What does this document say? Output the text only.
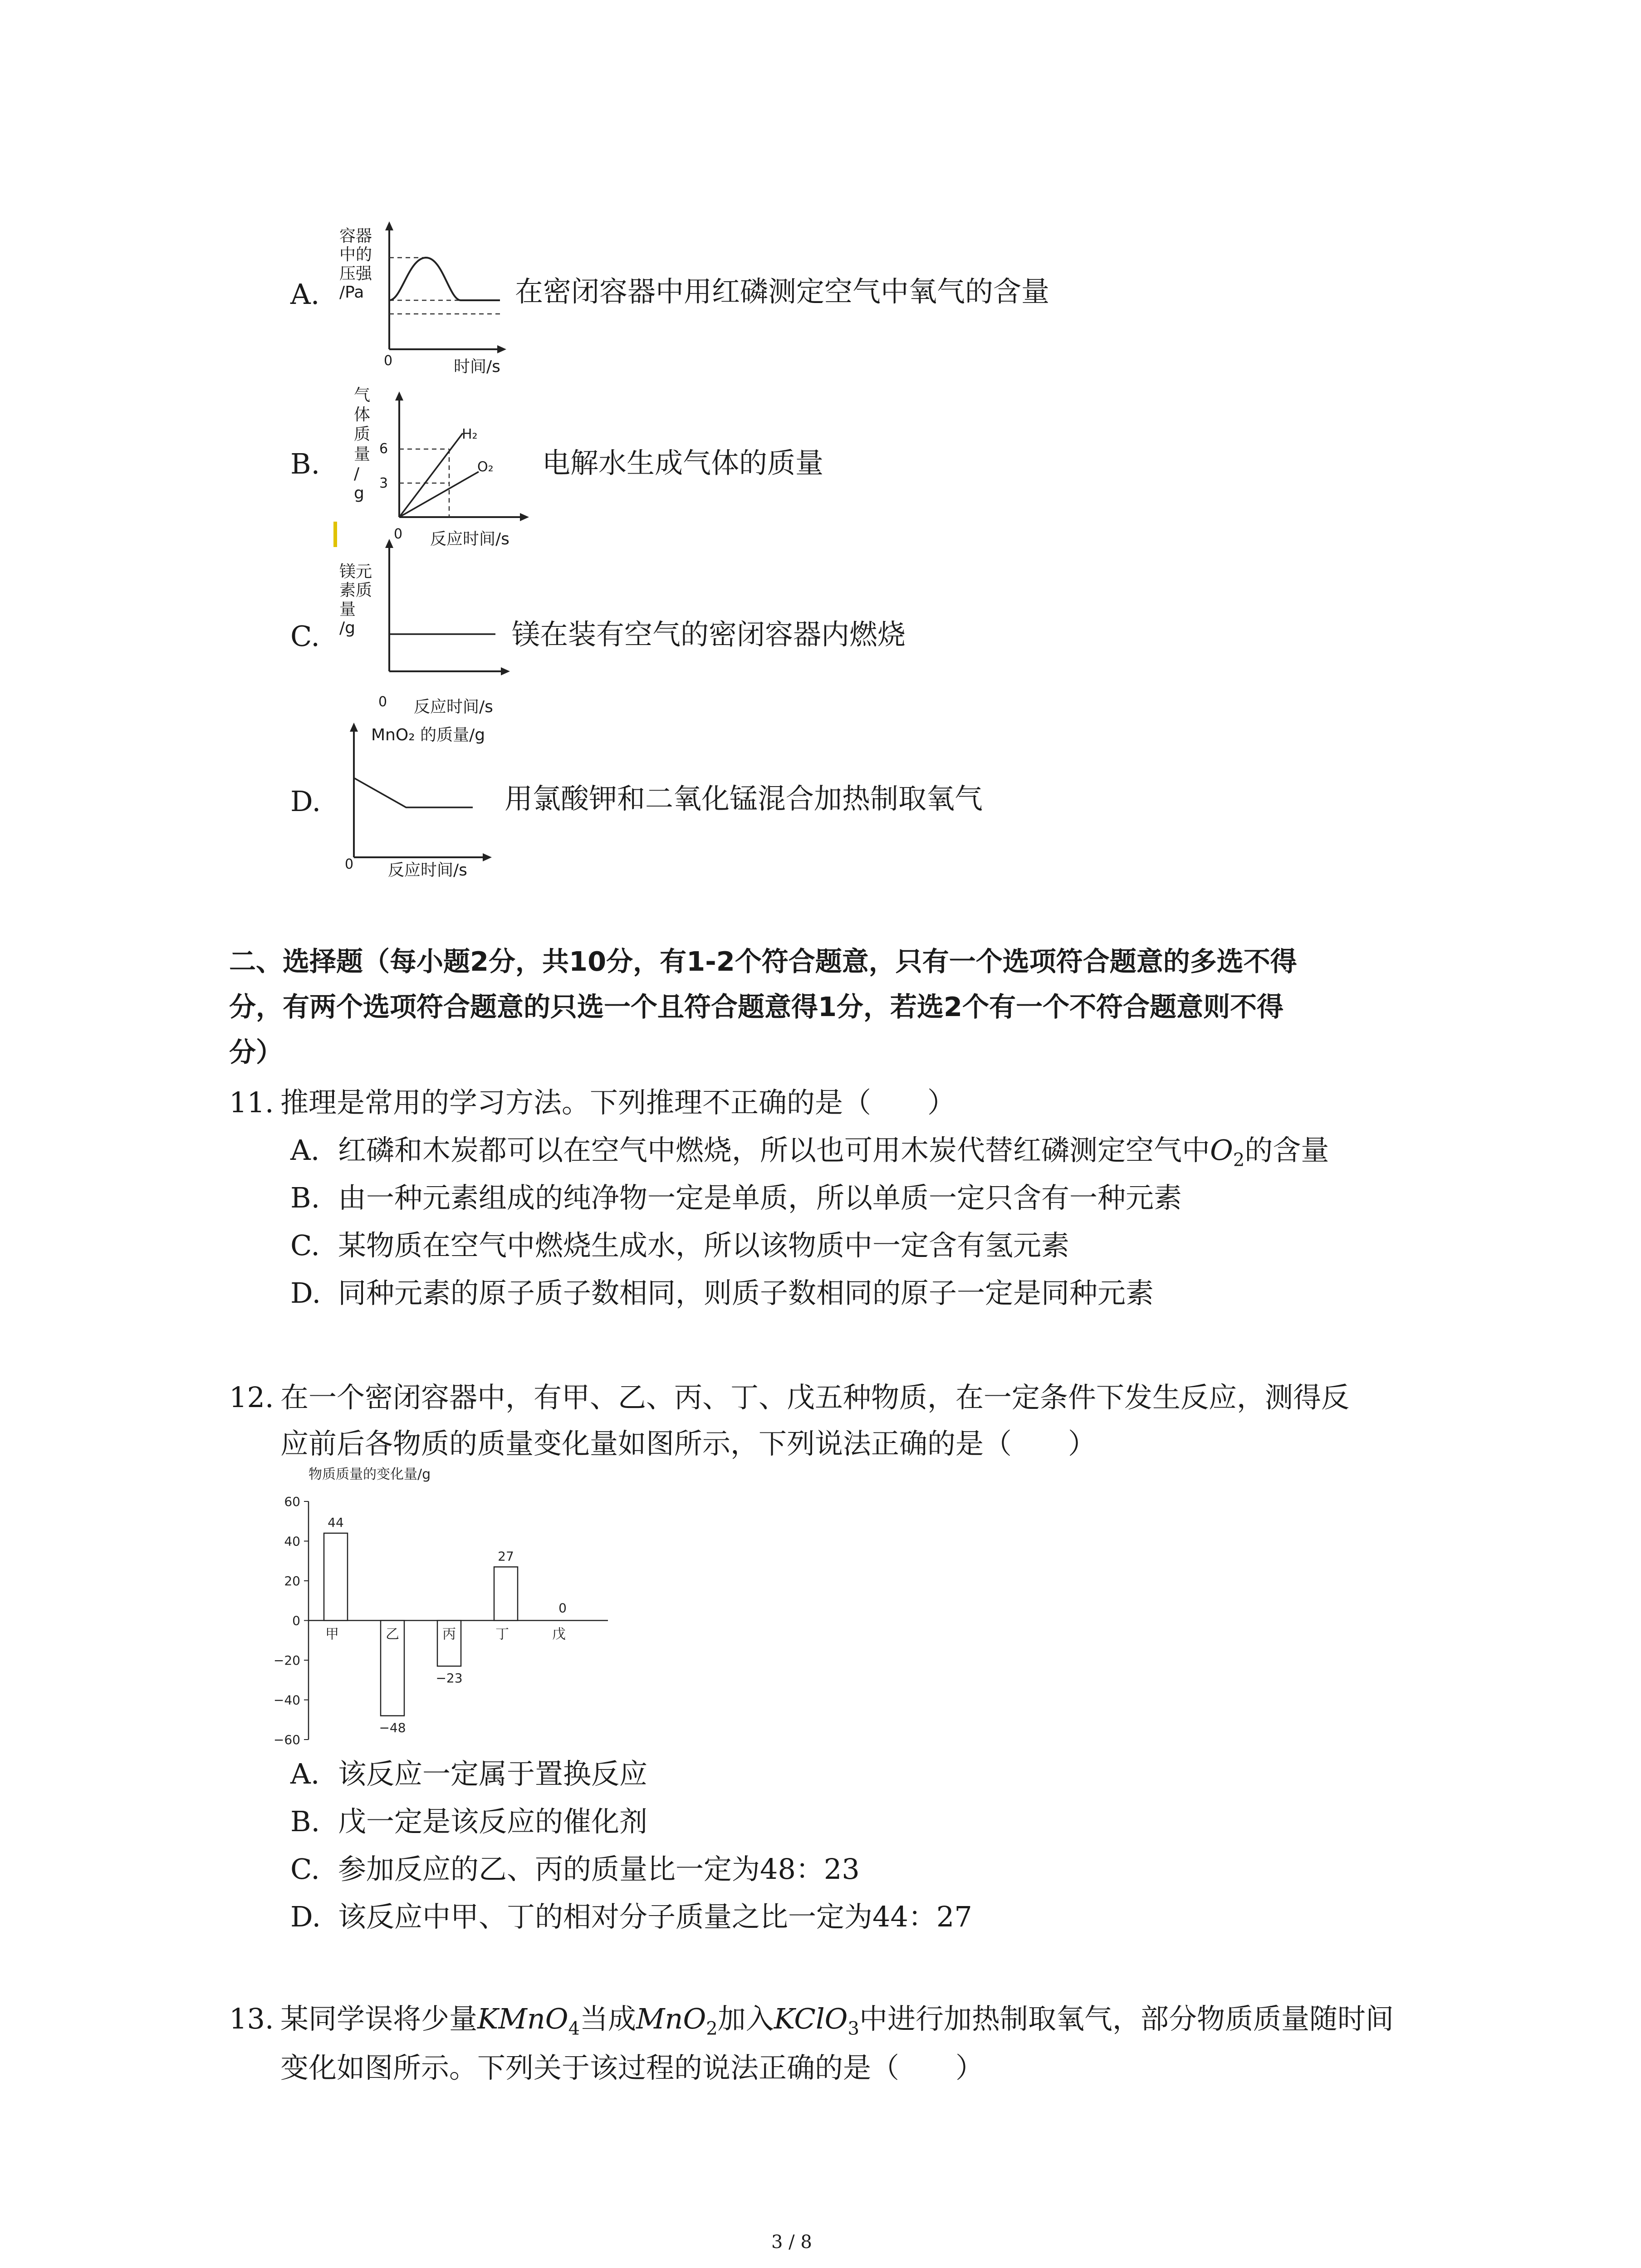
A.
容器
中的
压强
/Pa
0	时间/s
在密闭容器中用红磷测定空气中氧气的含量
B.
气
体
质
量
/
g
6
3
H₂
O₂
0 反应时间/s
电解水生成气体的质量
C.
镁元
素质
量
/g
0 反应时间/s
镁在装有空气的密闭容器内燃烧
D.
MnO₂ 的质量/g
0 反应时间/s
用氯酸钾和二氧化锰混合加热制取氧气
二、选择题（每小题2分，共10分，有1-2个符合题意，只有一个选项符合题意的多选不得
分，有两个选项符合题意的只选一个且符合题意得1分，若选2个有一个不符合题意则不得
分）
11. 推理是常用的学习方法。下列推理不正确的是（　　）
A. 红磷和木炭都可以在空气中燃烧，所以也可用木炭代替红磷测定空气中$O_2$的含量
B. 由一种元素组成的纯净物一定是单质，所以单质一定只含有一种元素
C. 某物质在空气中燃烧生成水，所以该物质中一定含有氢元素
D. 同种元素的原子质子数相同，则质子数相同的原子一定是同种元素
12. 在一个密闭容器中，有甲、乙、丙、丁、戊五种物质，在一定条件下发生反应，测得反
应前后各物质的质量变化量如图所示，下列说法正确的是（　　）
物质质量的变化量/g
60
40
20
0
−20
−40
−60
44
甲
−48
乙
−23
丙
27
丁
0
戊
A. 该反应一定属于置换反应
B. 戊一定是该反应的催化剂
C. 参加反应的乙、丙的质量比一定为48：23
D. 该反应中甲、丁的相对分子质量之比一定为44：27
13. 某同学误将少量KMnO$_4$当成MnO$_2$加入KClO$_3$中进行加热制取氧气，部分物质质量随时间
变化如图所示。下列关于该过程的说法正确的是（　　）
3 / 8
